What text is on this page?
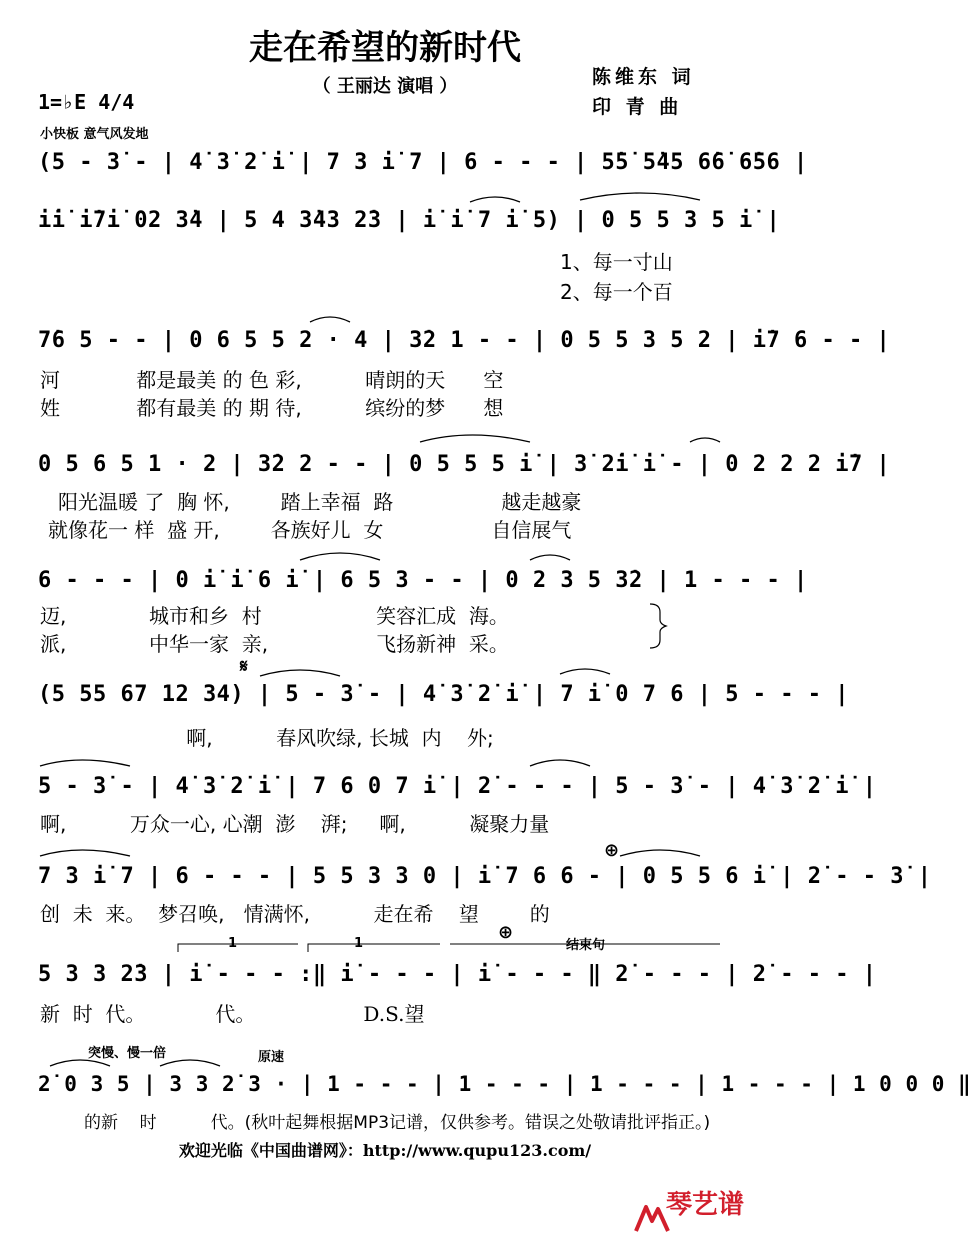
走在希望的新时代
（ 王丽达 演唱 ）	陈维东 词
印 青 曲
1=♭E 4/4
小快板 意气风发地
(5 - 3̇ - | 4̇ 3̇ 2̇ i̇ | 7 3 i̇ 7 | 6 - - - | 5̇5̇ 5̇45 6̇6̇ 6̇56 |
i̇i̇ i̇7i̇ 02 3̇4 | 5 4 3̇43 2̇3 | i̇ i̇ 7 i̇ 5) | 0 5 5 3 5 i̇ |
1、每一寸山
2、每一个百
7̇6 5 - - | 0 6 5 5 2 · 4 | 3̇2 1 - - | 0 5 5 3 5 2 | i̇7 6 - - |
河            都是最美 的 色 彩,          晴朗的天      空
姓            都有最美 的 期 待,          缤纷的梦      想
0 5 6 5 1 · 2 | 3̇2 2 - - | 0 5 5 5 i̇ | 3̇ 2̇i̇ i̇ - | 0 2 2 2 i̇7 |
阳光温暖 了  胸 怀,        踏上幸福  路                 越走越豪
就像花一 样  盛 开,        各族好儿  女                 自信展气
6 - - - | 0 i̇ i̇ 6 i̇ | 6 5 3 - - | 0 2 3 5 3̇2 | 1 - - - |
迈,             城市和乡  村                  笑容汇成  海。
派,             中华一家  亲,                 飞扬新神  采。
𝄋
(5 55 67 12 34) | 5 - 3̇ - | 4̇ 3̇ 2̇ i̇ | 7 i̇ 0 7 6 | 5 - - - |
啊,          春风吹绿, 长城  内    外;
5 - 3̇ - | 4̇ 3̇ 2̇ i̇ | 7 6 0 7 i̇ | 2̇ - - - | 5 - 3̇ - | 4̇ 3̇ 2̇ i̇ |
啊,          万众一心, 心潮  澎    湃;     啊,          凝聚力量
⊕
7 3 i̇ 7 | 6 - - - | 5 5 3 3 0 | i̇ 7 6 6 - | 0 5 5 6 i̇ | 2̇ - - 3̇ |
创  未  来。  梦召唤,   情满怀,          走在希    望        的
1	1
⊕
结束句
5 3 3 2̇3 | i̇ - - - :‖ i̇ - - - | i̇ - - - ‖ 2̇ - - - | 2̇ - - - |
新  时  代。           代。                 D.S.望
突慢、慢一倍	原速
2̇ 0 3 5 | 3 3 2̇ 3 · | 1 - - - | 1 - - - | 1 - - - | 1 - - - | 1 0 0 0 ‖
的新    时          代。(秋叶起舞根据MP3记谱，仅供参考。错误之处敬请批评指正。)
欢迎光临《中国曲谱网》：http://www.qupu123.com/

琴艺谱
